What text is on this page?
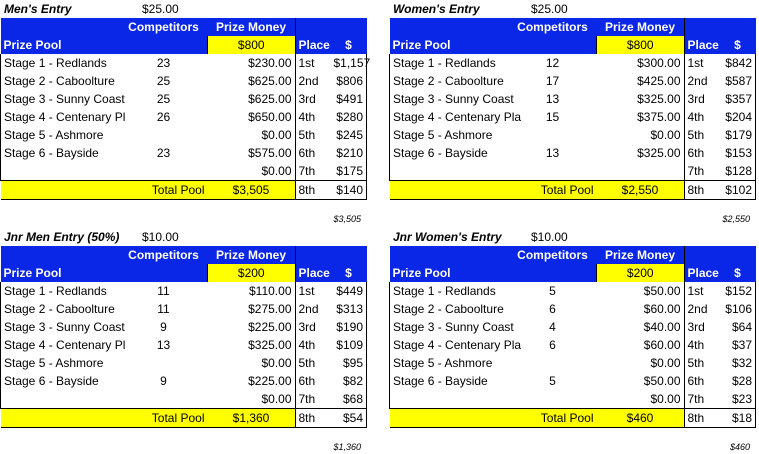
Men's Entry	$25.00
	Competitors	Prize Money		
Prize Pool		$800	Place	$
Stage 1 - Redlands	23	$230.00	1st	$1,157
Stage 2 - Caboolture	25	$625.00	2nd	$806
Stage 3 - Sunny Coast	25	$625.00	3rd	$491
Stage 4 - Centenary Pl	26	$650.00	4th	$280
Stage 5 - Ashmore		$0.00	5th	$245
Stage 6 - Bayside	23	$575.00	6th	$210
		$0.00	7th	$175
	Total Pool	$3,505	8th	$140
$3,505
Women's Entry	$25.00
	Competitors	Prize Money		
Prize Pool		$800	Place	$
Stage 1 - Redlands	12	$300.00	1st	$842
Stage 2 - Caboolture	17	$425.00	2nd	$587
Stage 3 - Sunny Coast	13	$325.00	3rd	$357
Stage 4 - Centenary Pla	15	$375.00	4th	$204
Stage 5 - Ashmore		$0.00	5th	$179
Stage 6 - Bayside	13	$325.00	6th	$153
			7th	$128
	Total Pool	$2,550	8th	$102
$2,550
Jnr Men Entry (50%) $10.00
	Competitors	Prize Money		
Prize Pool		$200	Place	$
Stage 1 - Redlands	11	$110.00	1st	$449
Stage 2 - Caboolture	11	$275.00	2nd	$313
Stage 3 - Sunny Coast	9	$225.00	3rd	$190
Stage 4 - Centenary Pl	13	$325.00	4th	$109
Stage 5 - Ashmore		$0.00	5th	$95
Stage 6 - Bayside	9	$225.00	6th	$82
		$0.00	7th	$68
	Total Pool	$1,360	8th	$54
$1,360
Jnr Women's Entry $10.00
	Competitors	Prize Money		
Prize Pool		$200	Place	$
Stage 1 - Redlands	5	$50.00	1st	$152
Stage 2 - Caboolture	6	$60.00	2nd	$106
Stage 3 - Sunny Coast	4	$40.00	3rd	$64
Stage 4 - Centenary Pla	6	$60.00	4th	$37
Stage 5 - Ashmore		$0.00	5th	$32
Stage 6 - Bayside	5	$50.00	6th	$28
		$0.00	7th	$23
	Total Pool	$460	8th	$18
$460
